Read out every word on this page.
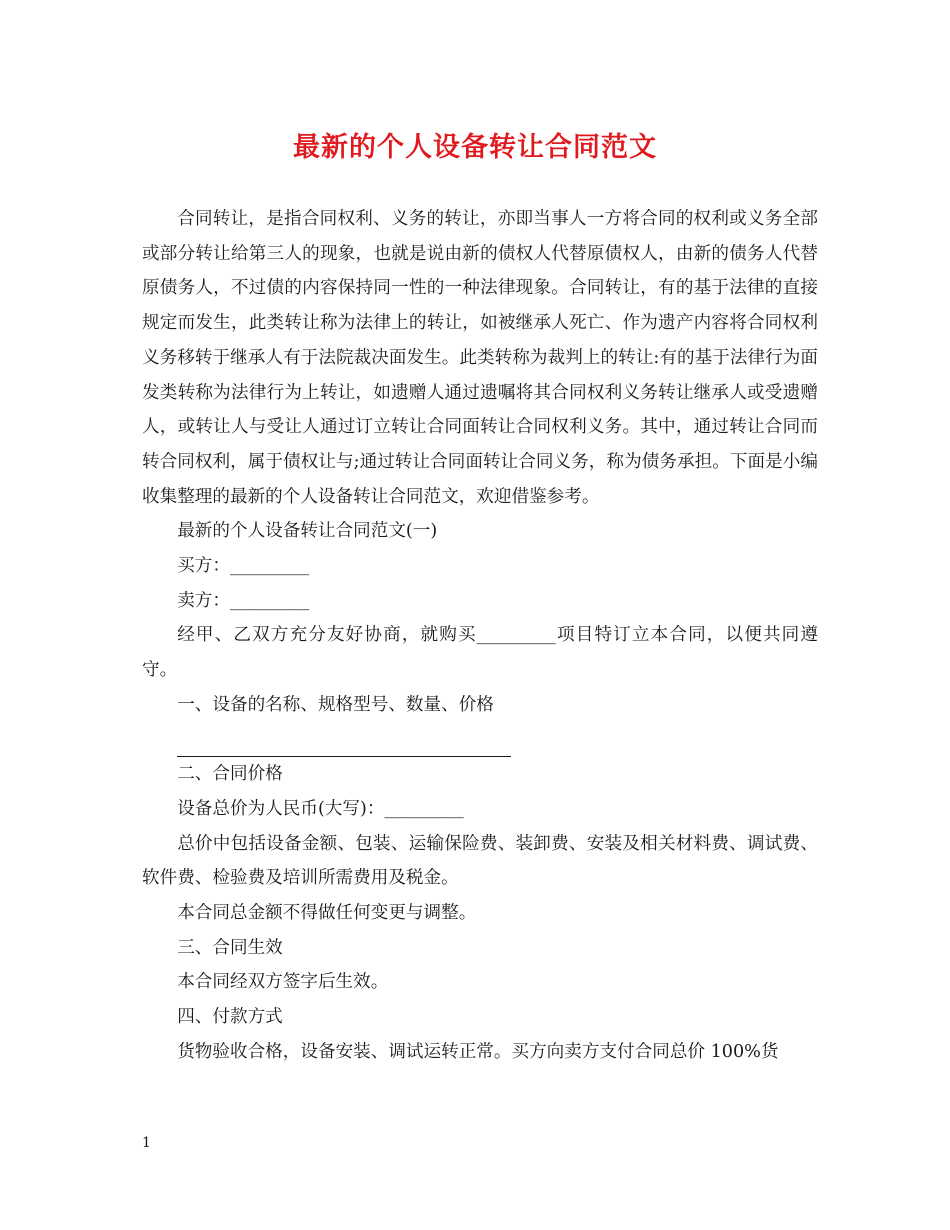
最新的个人设备转让合同范文

合同转让，是指合同权利、义务的转让，亦即当事人一方将合同的权利或义务全部或部分转让给第三人的现象，也就是说由新的债权人代替原债权人，由新的债务人代替原债务人，不过债的内容保持同一性的一种法律现象。合同转让，有的基于法律的直接规定而发生，此类转让称为法律上的转让，如被继承人死亡、作为遗产内容将合同权利义务移转于继承人有于法院裁决面发生。此类转称为裁判上的转让:有的基于法律行为面发类转称为法律行为上转让，如遗赠人通过遗嘱将其合同权利义务转让继承人或受遗赠人，或转让人与受让人通过订立转让合同面转让合同权利义务。其中，通过转让合同而转合同权利，属于债权让与;通过转让合同面转让合同义务，称为债务承担。下面是小编收集整理的最新的个人设备转让合同范文，欢迎借鉴参考。

最新的个人设备转让合同范文(一)

买方：_________

卖方：_________

经甲、乙双方充分友好协商，就购买_________项目特订立本合同，以便共同遵守。

一、设备的名称、规格型号、数量、价格

二、合同价格

设备总价为人民币(大写)：_________

总价中包括设备金额、包装、运输保险费、装卸费、安装及相关材料费、调试费、软件费、检验费及培训所需费用及税金。

本合同总金额不得做任何变更与调整。

三、合同生效

本合同经双方签字后生效。

四、付款方式

货物验收合格，设备安装、调试运转正常。买方向卖方支付合同总价 100%货

1
